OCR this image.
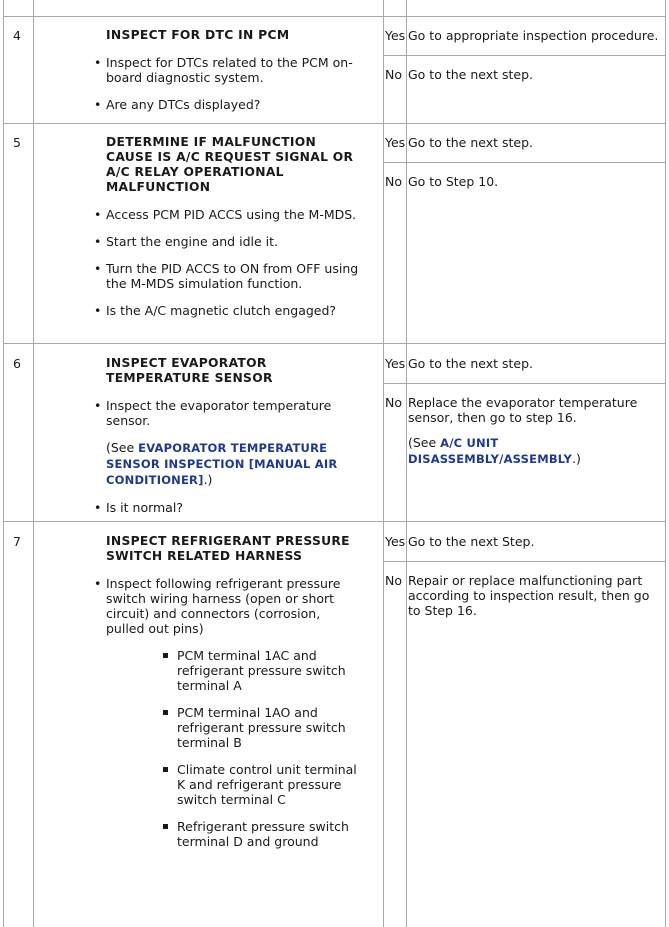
4	INSPECT FOR DTC IN PCM
• Inspect for DTCs related to the PCM on-board diagnostic system.
• Are any DTCs displayed?
Yes Go to appropriate inspection procedure.
No Go to the next step.
5	DETERMINE IF MALFUNCTION CAUSE IS A/C REQUEST SIGNAL OR A/C RELAY OPERATIONAL MALFUNCTION
• Access PCM PID ACCS using the M-MDS.
• Start the engine and idle it.
• Turn the PID ACCS to ON from OFF using the M-MDS simulation function.
• Is the A/C magnetic clutch engaged?
Yes Go to the next step.
No Go to Step 10.
6	INSPECT EVAPORATOR TEMPERATURE SENSOR
• Inspect the evaporator temperature sensor.
(See EVAPORATOR TEMPERATURE SENSOR INSPECTION [MANUAL AIR CONDITIONER].)
• Is it normal?
Yes Go to the next step.
No Replace the evaporator temperature sensor, then go to step 16.

(See A/C UNIT DISASSEMBLY/ASSEMBLY.)

7	INSPECT REFRIGERANT PRESSURE SWITCH RELATED HARNESS
• Inspect following refrigerant pressure switch wiring harness (open or short circuit) and connectors (corrosion, pulled out pins)
PCM terminal 1AC and refrigerant pressure switch terminal A
PCM terminal 1AO and refrigerant pressure switch terminal B
Climate control unit terminal K and refrigerant pressure switch terminal C
Refrigerant pressure switch terminal D and ground
Yes Go to the next Step.
No Repair or replace malfunctioning part according to inspection result, then go to Step 16.
